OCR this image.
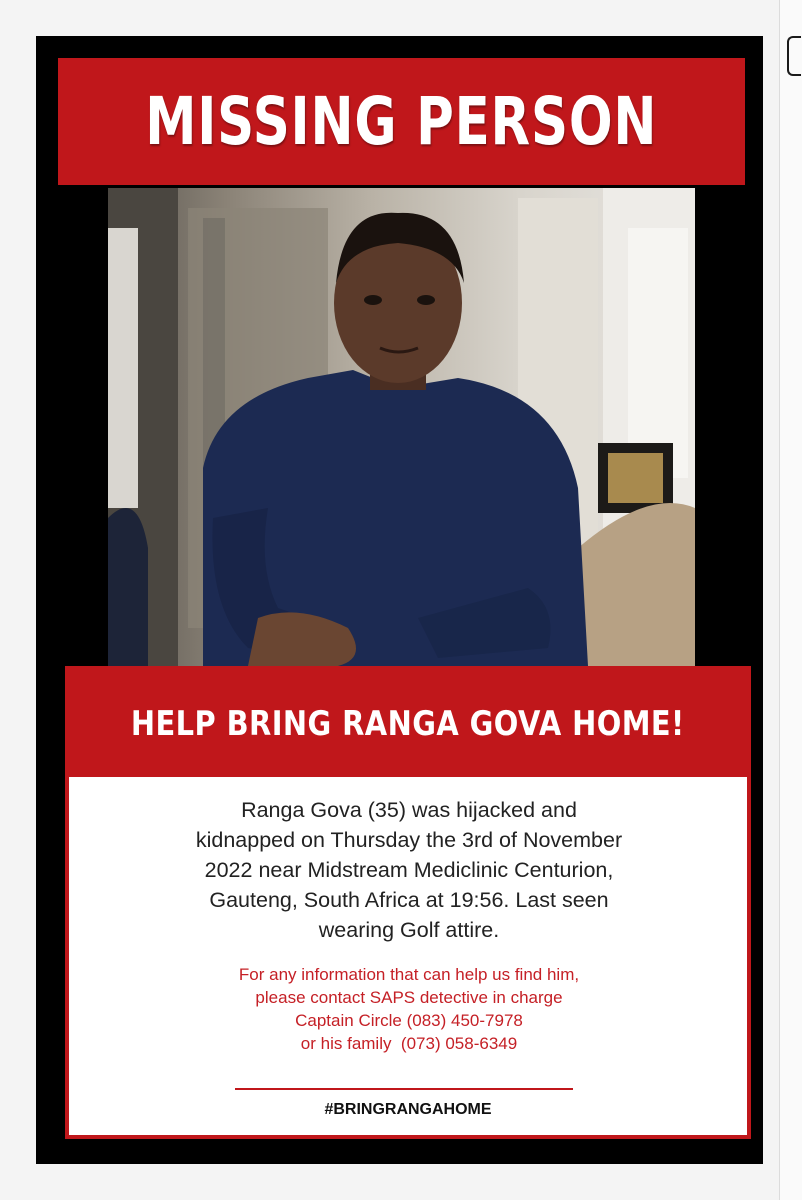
MISSING PERSON
HELP BRING RANGA GOVA HOME!
Ranga Gova (35) was hijacked and
kidnapped on Thursday the 3rd of November
2022 near Midstream Mediclinic Centurion,
Gauteng, South Africa at 19:56. Last seen
wearing Golf attire.
For any information that can help us find him,
please contact SAPS detective in charge
Captain Circle (083) 450-7978
or his family  (073) 058-6349
#BRINGRANGAHOME
